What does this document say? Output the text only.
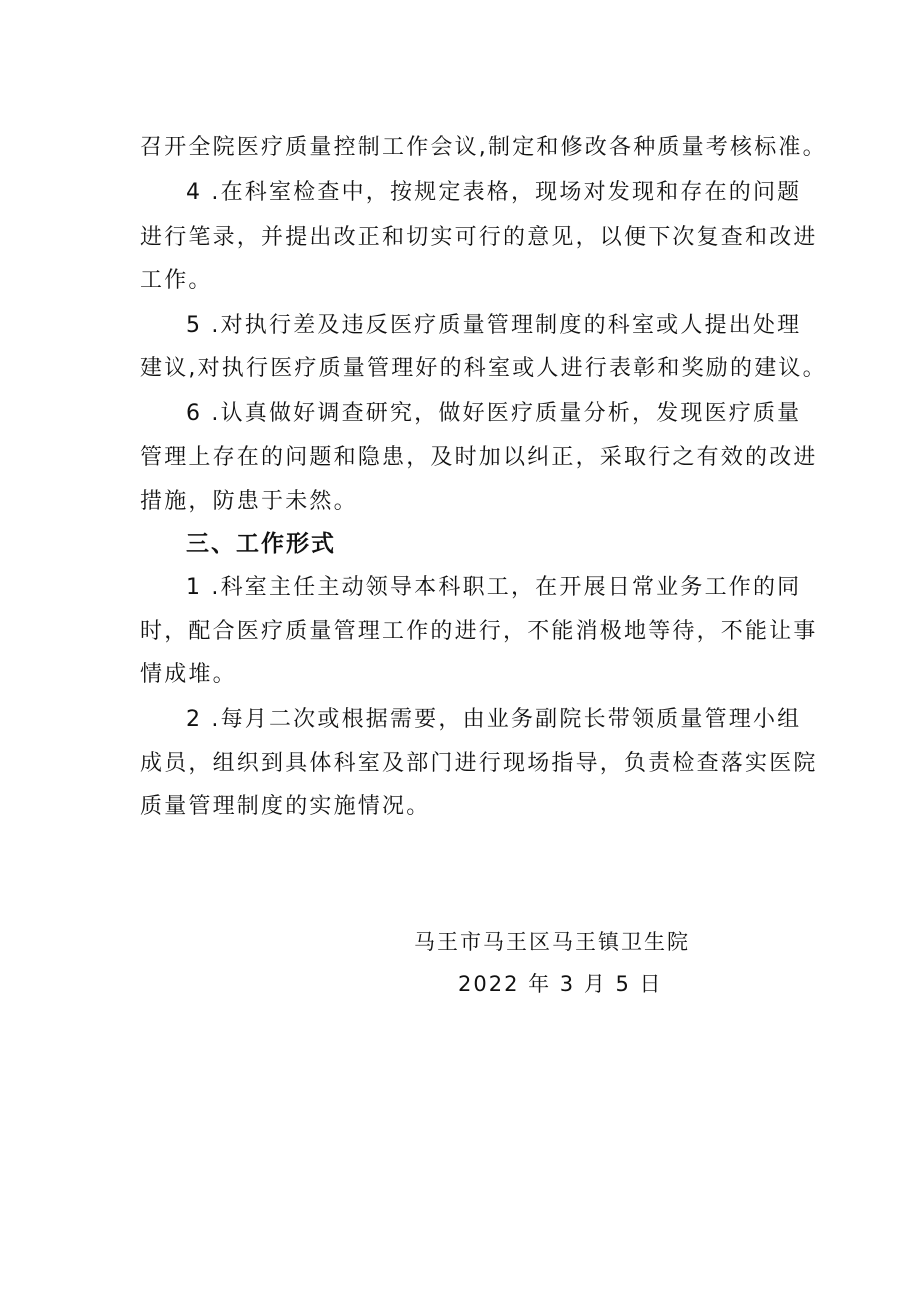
召开全院医疗质量控制工作会议,制定和修改各种质量考核标准。
4 .在科室检查中，按规定表格，现场对发现和存在的问题
进行笔录，并提出改正和切实可行的意见，以便下次复查和改进
工作。
5 .对执行差及违反医疗质量管理制度的科室或人提出处理
建议,对执行医疗质量管理好的科室或人进行表彰和奖励的建议。
6 .认真做好调查研究，做好医疗质量分析，发现医疗质量
管理上存在的问题和隐患，及时加以纠正，采取行之有效的改进
措施，防患于未然。
三、工作形式
1 .科室主任主动领导本科职工，在开展日常业务工作的同
时，配合医疗质量管理工作的进行，不能消极地等待，不能让事
情成堆。
2 .每月二次或根据需要，由业务副院长带领质量管理小组
成员，组织到具体科室及部门进行现场指导，负责检查落实医院
质量管理制度的实施情况。
马王市马王区马王镇卫生院
2022 年 3 月 5 日
